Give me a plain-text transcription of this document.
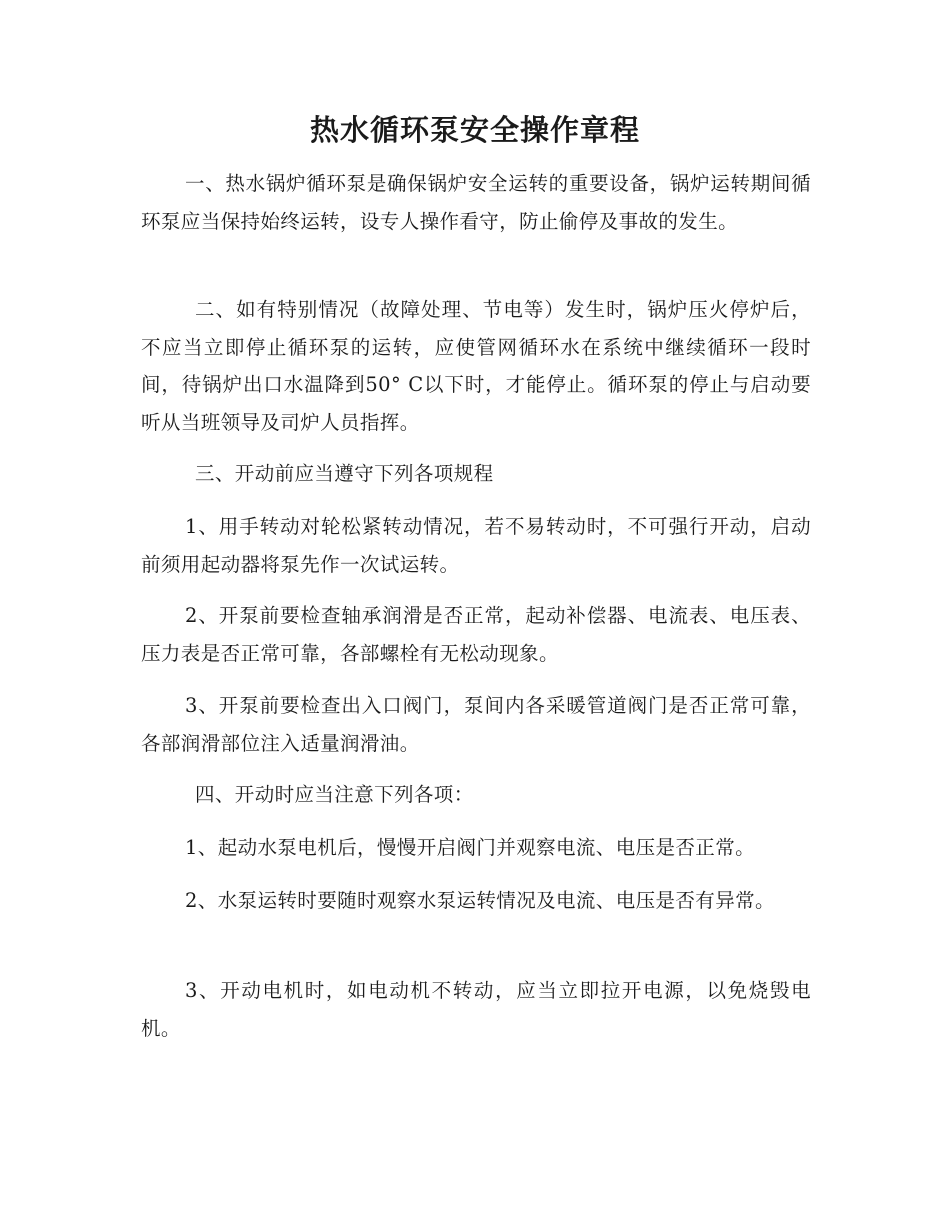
热水循环泵安全操作章程

一、热水锅炉循环泵是确保锅炉安全运转的重要设备，锅炉运转期间循环泵应当保持始终运转，设专人操作看守，防止偷停及事故的发生。

二、如有特别情况（故障处理、节电等）发生时，锅炉压火停炉后，不应当立即停止循环泵的运转，应使管网循环水在系统中继续循环一段时间，待锅炉出口水温降到50° C以下时，才能停止。循环泵的停止与启动要听从当班领导及司炉人员指挥。

三、开动前应当遵守下列各项规程

1、用手转动对轮松紧转动情况，若不易转动时，不可强行开动，启动前须用起动器将泵先作一次试运转。

2、开泵前要检查轴承润滑是否正常，起动补偿器、电流表、电压表、压力表是否正常可靠，各部螺栓有无松动现象。

3、开泵前要检查出入口阀门，泵间内各采暖管道阀门是否正常可靠，各部润滑部位注入适量润滑油。

四、开动时应当注意下列各项：

1、起动水泵电机后，慢慢开启阀门并观察电流、电压是否正常。

2、水泵运转时要随时观察水泵运转情况及电流、电压是否有异常。

3、开动电机时，如电动机不转动，应当立即拉开电源，以免烧毁电机。
